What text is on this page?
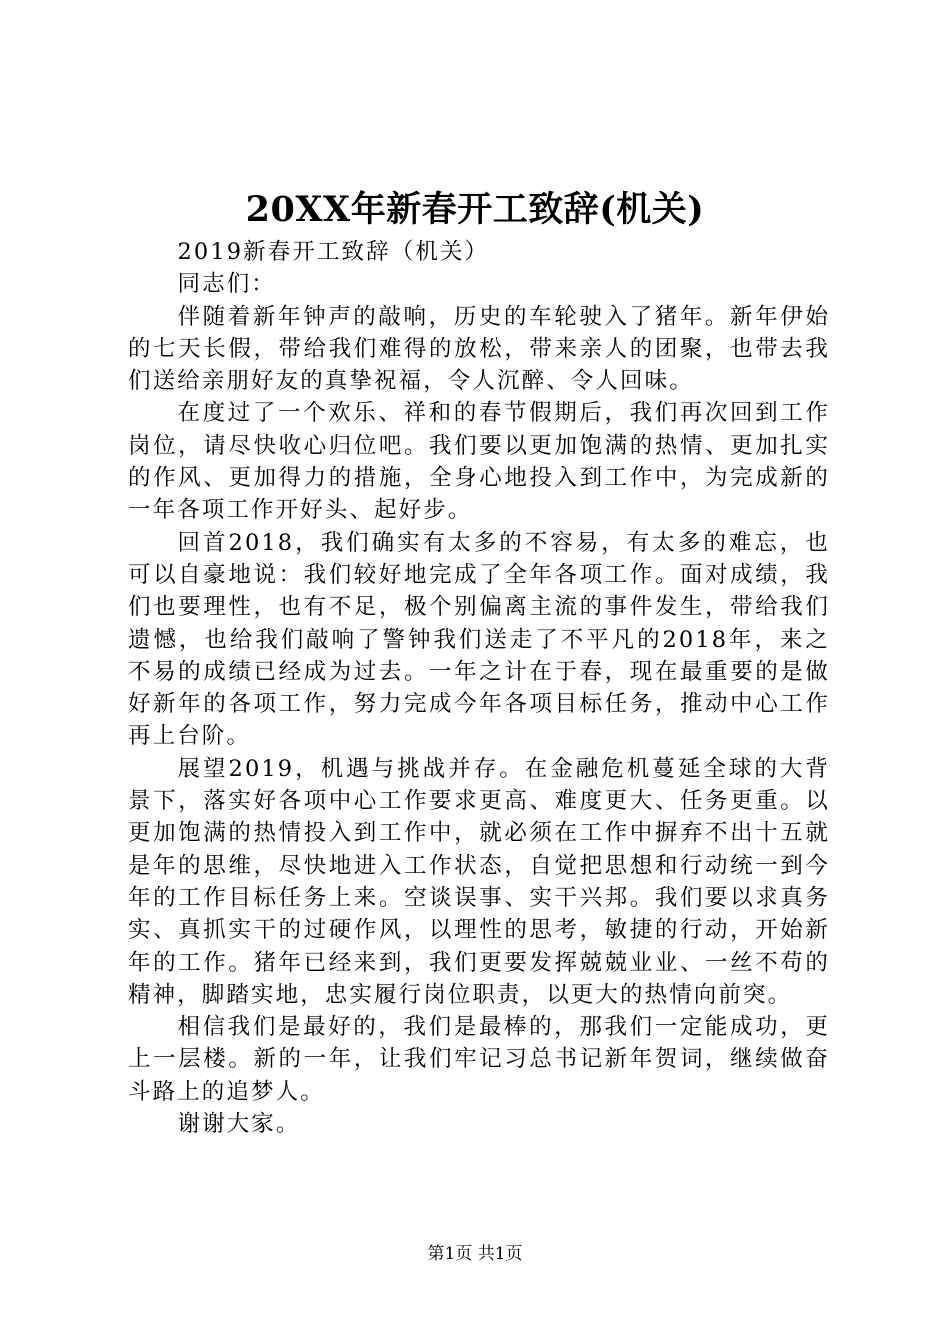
20XX年新春开工致辞(机关)

2019新春开工致辞（机关）

同志们：

伴随着新年钟声的敲响，历史的车轮驶入了猪年。新年伊始的七天长假，带给我们难得的放松，带来亲人的团聚，也带去我们送给亲朋好友的真挚祝福，令人沉醉、令人回味。

在度过了一个欢乐、祥和的春节假期后，我们再次回到工作岗位，请尽快收心归位吧。我们要以更加饱满的热情、更加扎实的作风、更加得力的措施，全身心地投入到工作中，为完成新的一年各项工作开好头、起好步。

回首2018，我们确实有太多的不容易，有太多的难忘，也可以自豪地说：我们较好地完成了全年各项工作。面对成绩，我们也要理性，也有不足，极个别偏离主流的事件发生，带给我们遗憾，也给我们敲响了警钟我们送走了不平凡的2018年，来之不易的成绩已经成为过去。一年之计在于春，现在最重要的是做好新年的各项工作，努力完成今年各项目标任务，推动中心工作再上台阶。

展望2019，机遇与挑战并存。在金融危机蔓延全球的大背景下，落实好各项中心工作要求更高、难度更大、任务更重。以更加饱满的热情投入到工作中，就必须在工作中摒弃不出十五就是年的思维，尽快地进入工作状态，自觉把思想和行动统一到今年的工作目标任务上来。空谈误事、实干兴邦。我们要以求真务实、真抓实干的过硬作风，以理性的思考，敏捷的行动，开始新年的工作。猪年已经来到，我们更要发挥兢兢业业、一丝不苟的精神，脚踏实地，忠实履行岗位职责，以更大的热情向前突。

相信我们是最好的，我们是最棒的，那我们一定能成功，更上一层楼。新的一年，让我们牢记习总书记新年贺词，继续做奋斗路上的追梦人。

谢谢大家。

第1页 共1页
